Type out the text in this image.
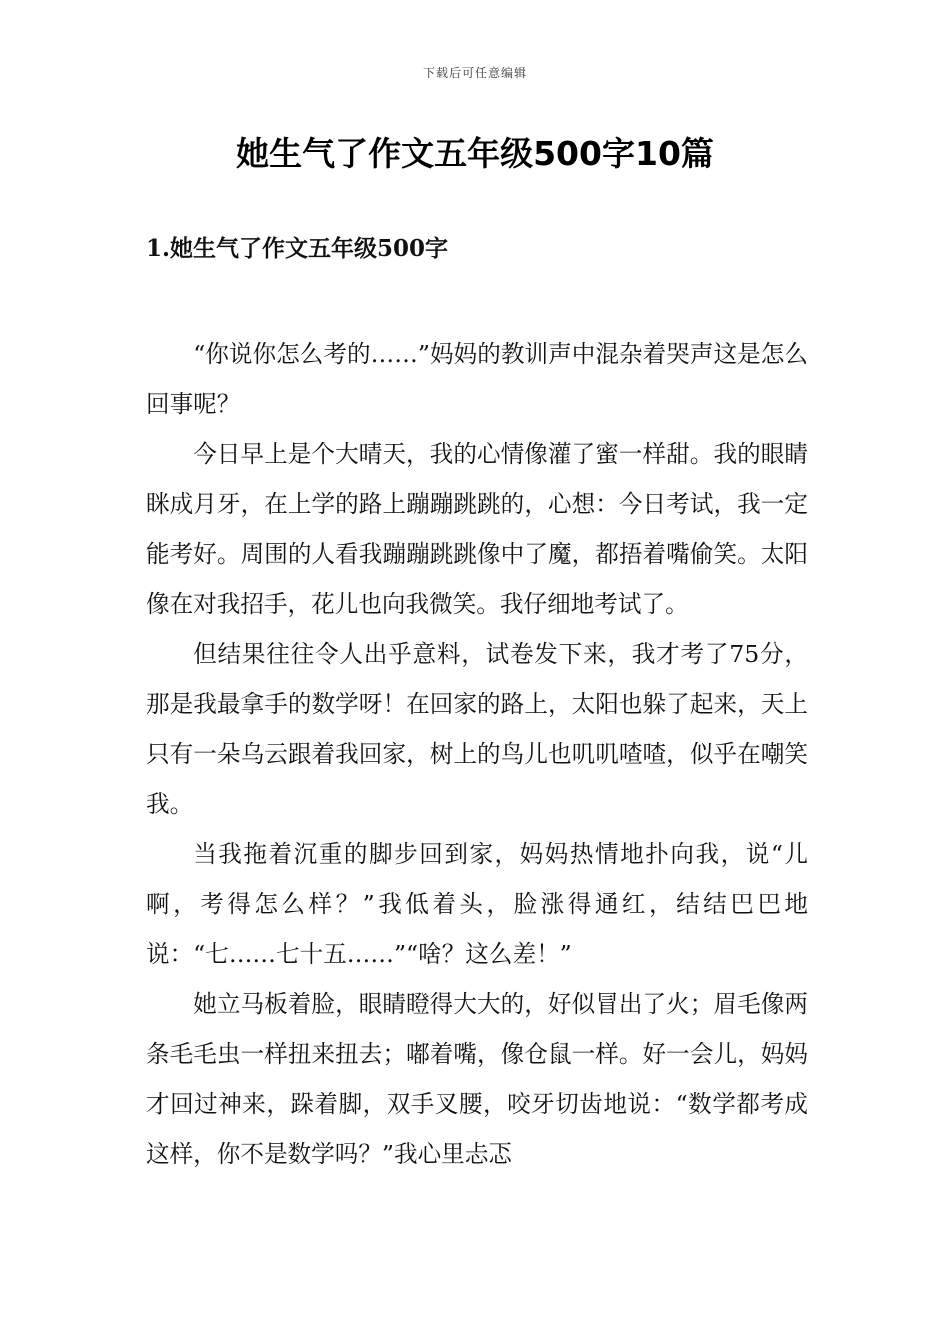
下载后可任意编辑
她生气了作文五年级500字10篇
1.她生气了作文五年级500字

“你说你怎么考的……”妈妈的教训声中混杂着哭声这是怎么回事呢？

今日早上是个大晴天，我的心情像灌了蜜一样甜。我的眼睛眯成月牙，在上学的路上蹦蹦跳跳的，心想：今日考试，我一定能考好。周围的人看我蹦蹦跳跳像中了魔，都捂着嘴偷笑。太阳像在对我招手，花儿也向我微笑。我仔细地考试了。

但结果往往令人出乎意料，试卷发下来，我才考了75分，那是我最拿手的数学呀！在回家的路上，太阳也躲了起来，天上只有一朵乌云跟着我回家，树上的鸟儿也叽叽喳喳，似乎在嘲笑我。

当我拖着沉重的脚步回到家，妈妈热情地扑向我，说“儿啊，考得怎么样？”我低着头，脸涨得通红，结结巴巴地说：“七……七十五……”“啥？这么差！”

她立马板着脸，眼睛瞪得大大的，好似冒出了火；眉毛像两条毛毛虫一样扭来扭去；嘟着嘴，像仓鼠一样。好一会儿，妈妈才回过神来，跺着脚，双手叉腰，咬牙切齿地说：“数学都考成这样，你不是数学吗？”我心里忐忑
